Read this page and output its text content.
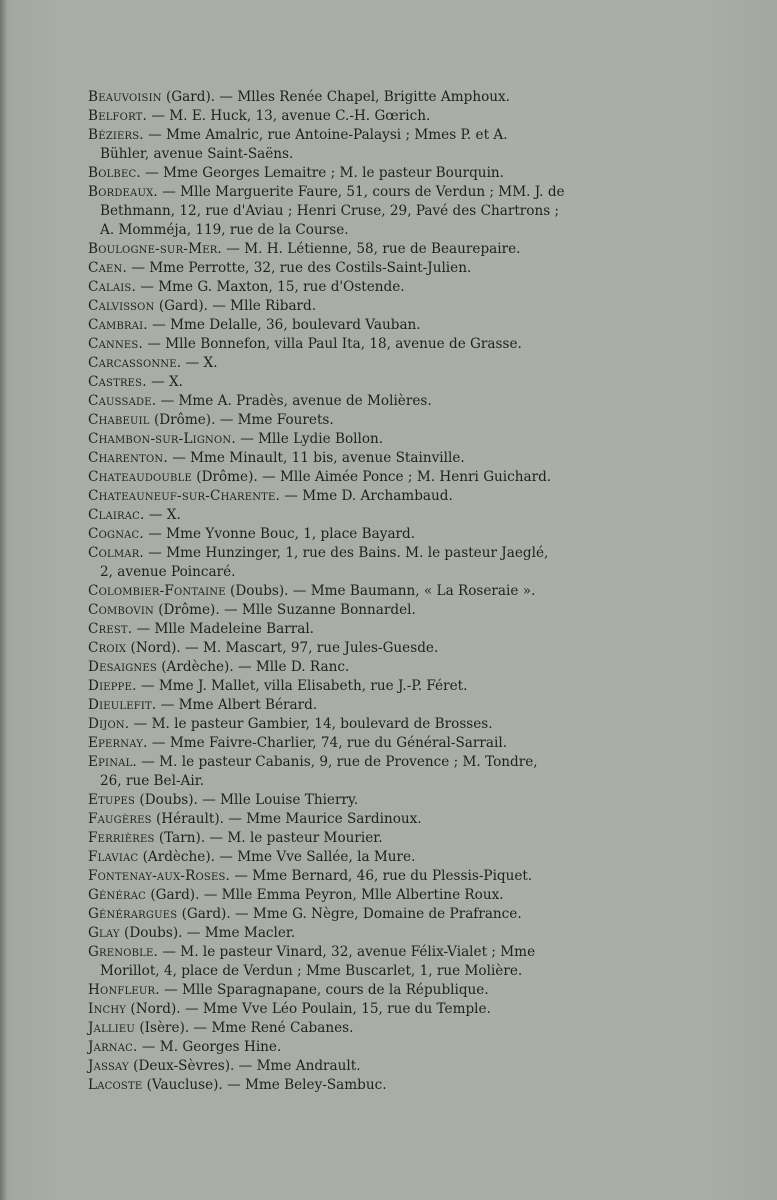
Beauvoisin (Gard). — Mlles Renée Chapel, Brigitte Amphoux.
Belfort. — M. E. Huck, 13, avenue C.-H. Gœrich.
Béziers. — Mme Amalric, rue Antoine-Palaysi ; Mmes P. et A.
Bühler, avenue Saint-Saëns.
Bolbec. — Mme Georges Lemaitre ; M. le pasteur Bourquin.
Bordeaux. — Mlle Marguerite Faure, 51, cours de Verdun ; MM. J. de
Bethmann, 12, rue d'Aviau ; Henri Cruse, 29, Pavé des Chartrons ;
A. Momméja, 119, rue de la Course.
Boulogne-sur-Mer. — M. H. Létienne, 58, rue de Beaurepaire.
Caen. — Mme Perrotte, 32, rue des Costils-Saint-Julien.
Calais. — Mme G. Maxton, 15, rue d'Ostende.
Calvisson (Gard). — Mlle Ribard.
Cambrai. — Mme Delalle, 36, boulevard Vauban.
Cannes. — Mlle Bonnefon, villa Paul Ita, 18, avenue de Grasse.
Carcassonne. — X.
Castres. — X.
Caussade. — Mme A. Pradès, avenue de Molières.
Chabeuil (Drôme). — Mme Fourets.
Chambon-sur-Lignon. — Mlle Lydie Bollon.
Charenton. — Mme Minault, 11 bis, avenue Stainville.
Chateaudouble (Drôme). — Mlle Aimée Ponce ; M. Henri Guichard.
Chateauneuf-sur-Charente. — Mme D. Archambaud.
Clairac. — X.
Cognac. — Mme Yvonne Bouc, 1, place Bayard.
Colmar. — Mme Hunzinger, 1, rue des Bains. M. le pasteur Jaeglé,
2, avenue Poincaré.
Colombier-Fontaine (Doubs). — Mme Baumann, « La Roseraie ».
Combovin (Drôme). — Mlle Suzanne Bonnardel.
Crest. — Mlle Madeleine Barral.
Croix (Nord). — M. Mascart, 97, rue Jules-Guesde.
Desaignes (Ardèche). — Mlle D. Ranc.
Dieppe. — Mme J. Mallet, villa Elisabeth, rue J.-P. Féret.
Dieulefit. — Mme Albert Bérard.
Dijon. — M. le pasteur Gambier, 14, boulevard de Brosses.
Epernay. — Mme Faivre-Charlier, 74, rue du Général-Sarrail.
Epinal. — M. le pasteur Cabanis, 9, rue de Provence ; M. Tondre,
26, rue Bel-Air.
Etupes (Doubs). — Mlle Louise Thierry.
Faugères (Hérault). — Mme Maurice Sardinoux.
Ferrières (Tarn). — M. le pasteur Mourier.
Flaviac (Ardèche). — Mme Vve Sallée, la Mure.
Fontenay-aux-Roses. — Mme Bernard, 46, rue du Plessis-Piquet.
Générac (Gard). — Mlle Emma Peyron, Mlle Albertine Roux.
Générargues (Gard). — Mme G. Nègre, Domaine de Prafrance.
Glay (Doubs). — Mme Macler.
Grenoble. — M. le pasteur Vinard, 32, avenue Félix-Vialet ; Mme
Morillot, 4, place de Verdun ; Mme Buscarlet, 1, rue Molière.
Honfleur. — Mlle Sparagnapane, cours de la République.
Inchy (Nord). — Mme Vve Léo Poulain, 15, rue du Temple.
Jallieu (Isère). — Mme René Cabanes.
Jarnac. — M. Georges Hine.
Jassay (Deux-Sèvres). — Mme Andrault.
Lacoste (Vaucluse). — Mme Beley-Sambuc.
